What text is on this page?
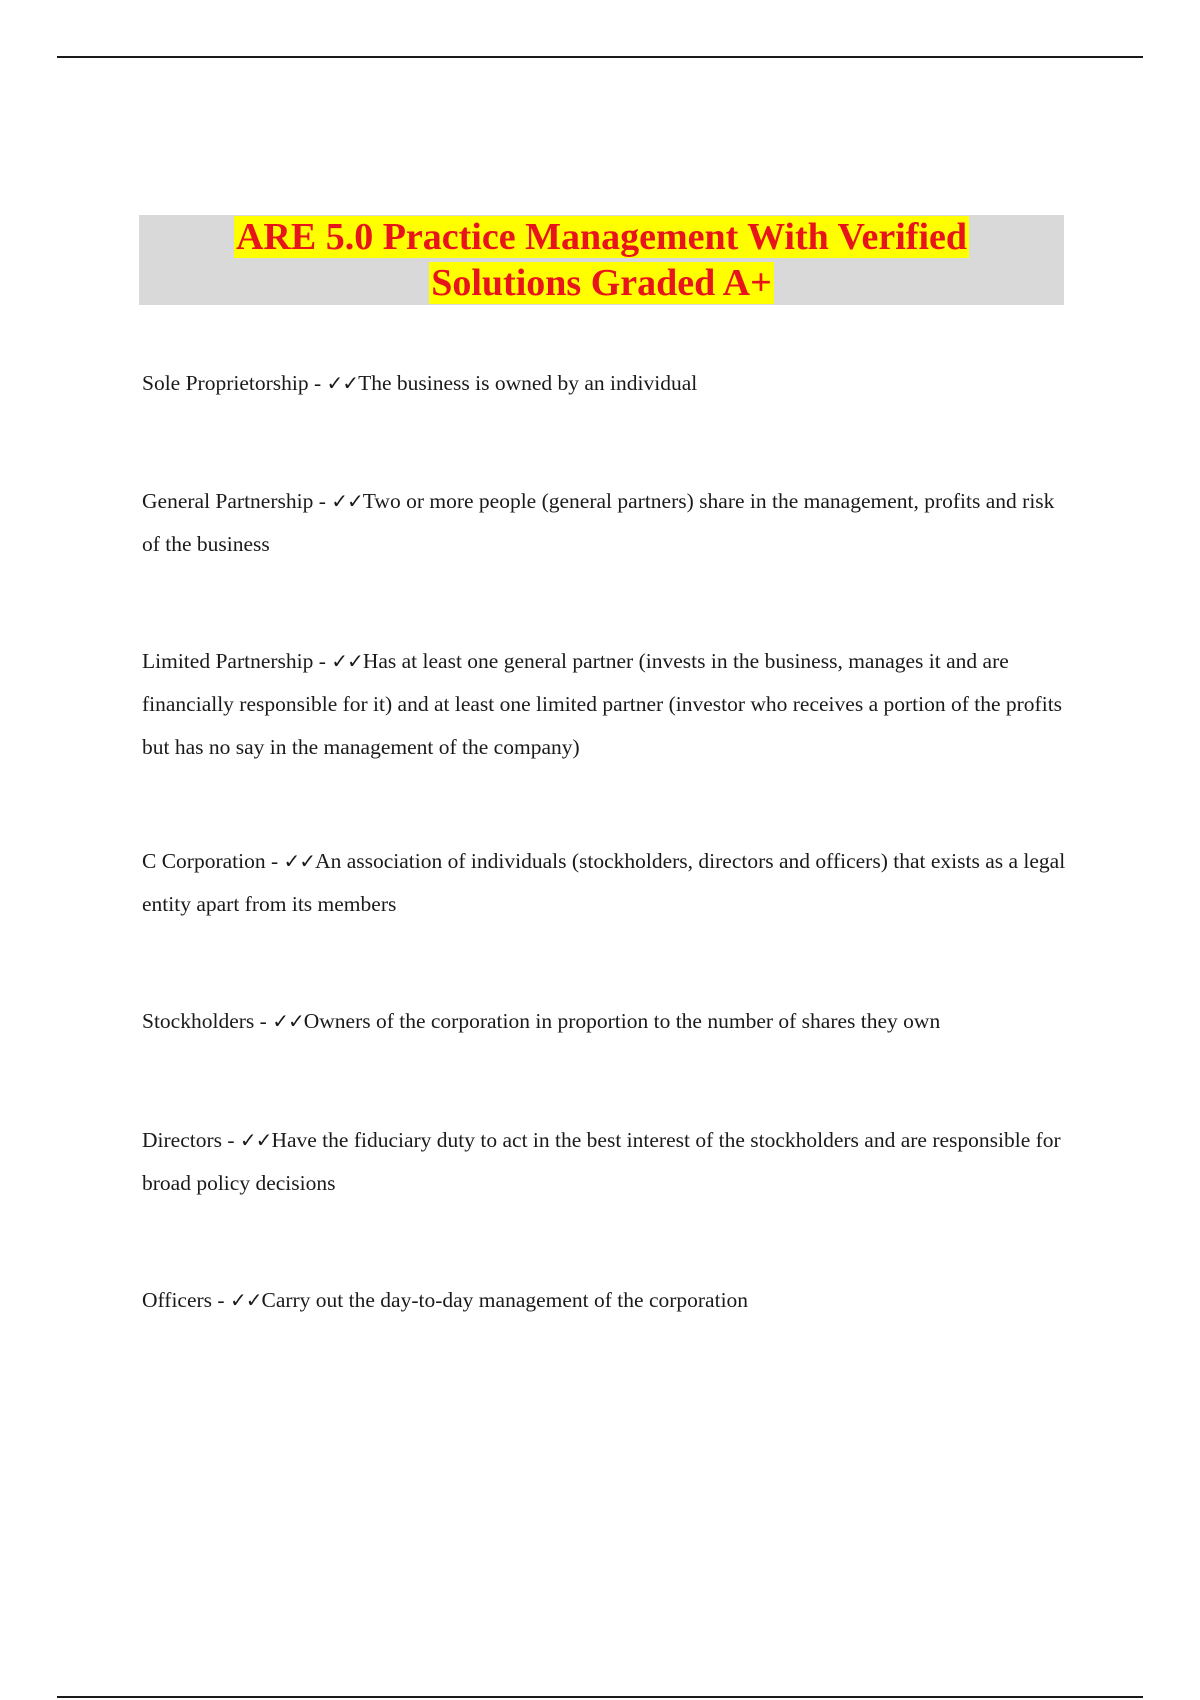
ARE 5.0 Practice Management With Verified
Solutions Graded A+
Sole Proprietorship - ✓✓The business is owned by an individual
General Partnership - ✓✓Two or more people (general partners) share in the management, profits and risk of the business
Limited Partnership - ✓✓Has at least one general partner (invests in the business, manages it and are financially responsible for it) and at least one limited partner (investor who receives a portion of the profits but has no say in the management of the company)
C Corporation - ✓✓An association of individuals (stockholders, directors and officers) that exists as a legal entity apart from its members
Stockholders - ✓✓Owners of the corporation in proportion to the number of shares they own
Directors - ✓✓Have the fiduciary duty to act in the best interest of the stockholders and are responsible for broad policy decisions
Officers - ✓✓Carry out the day-to-day management of the corporation
